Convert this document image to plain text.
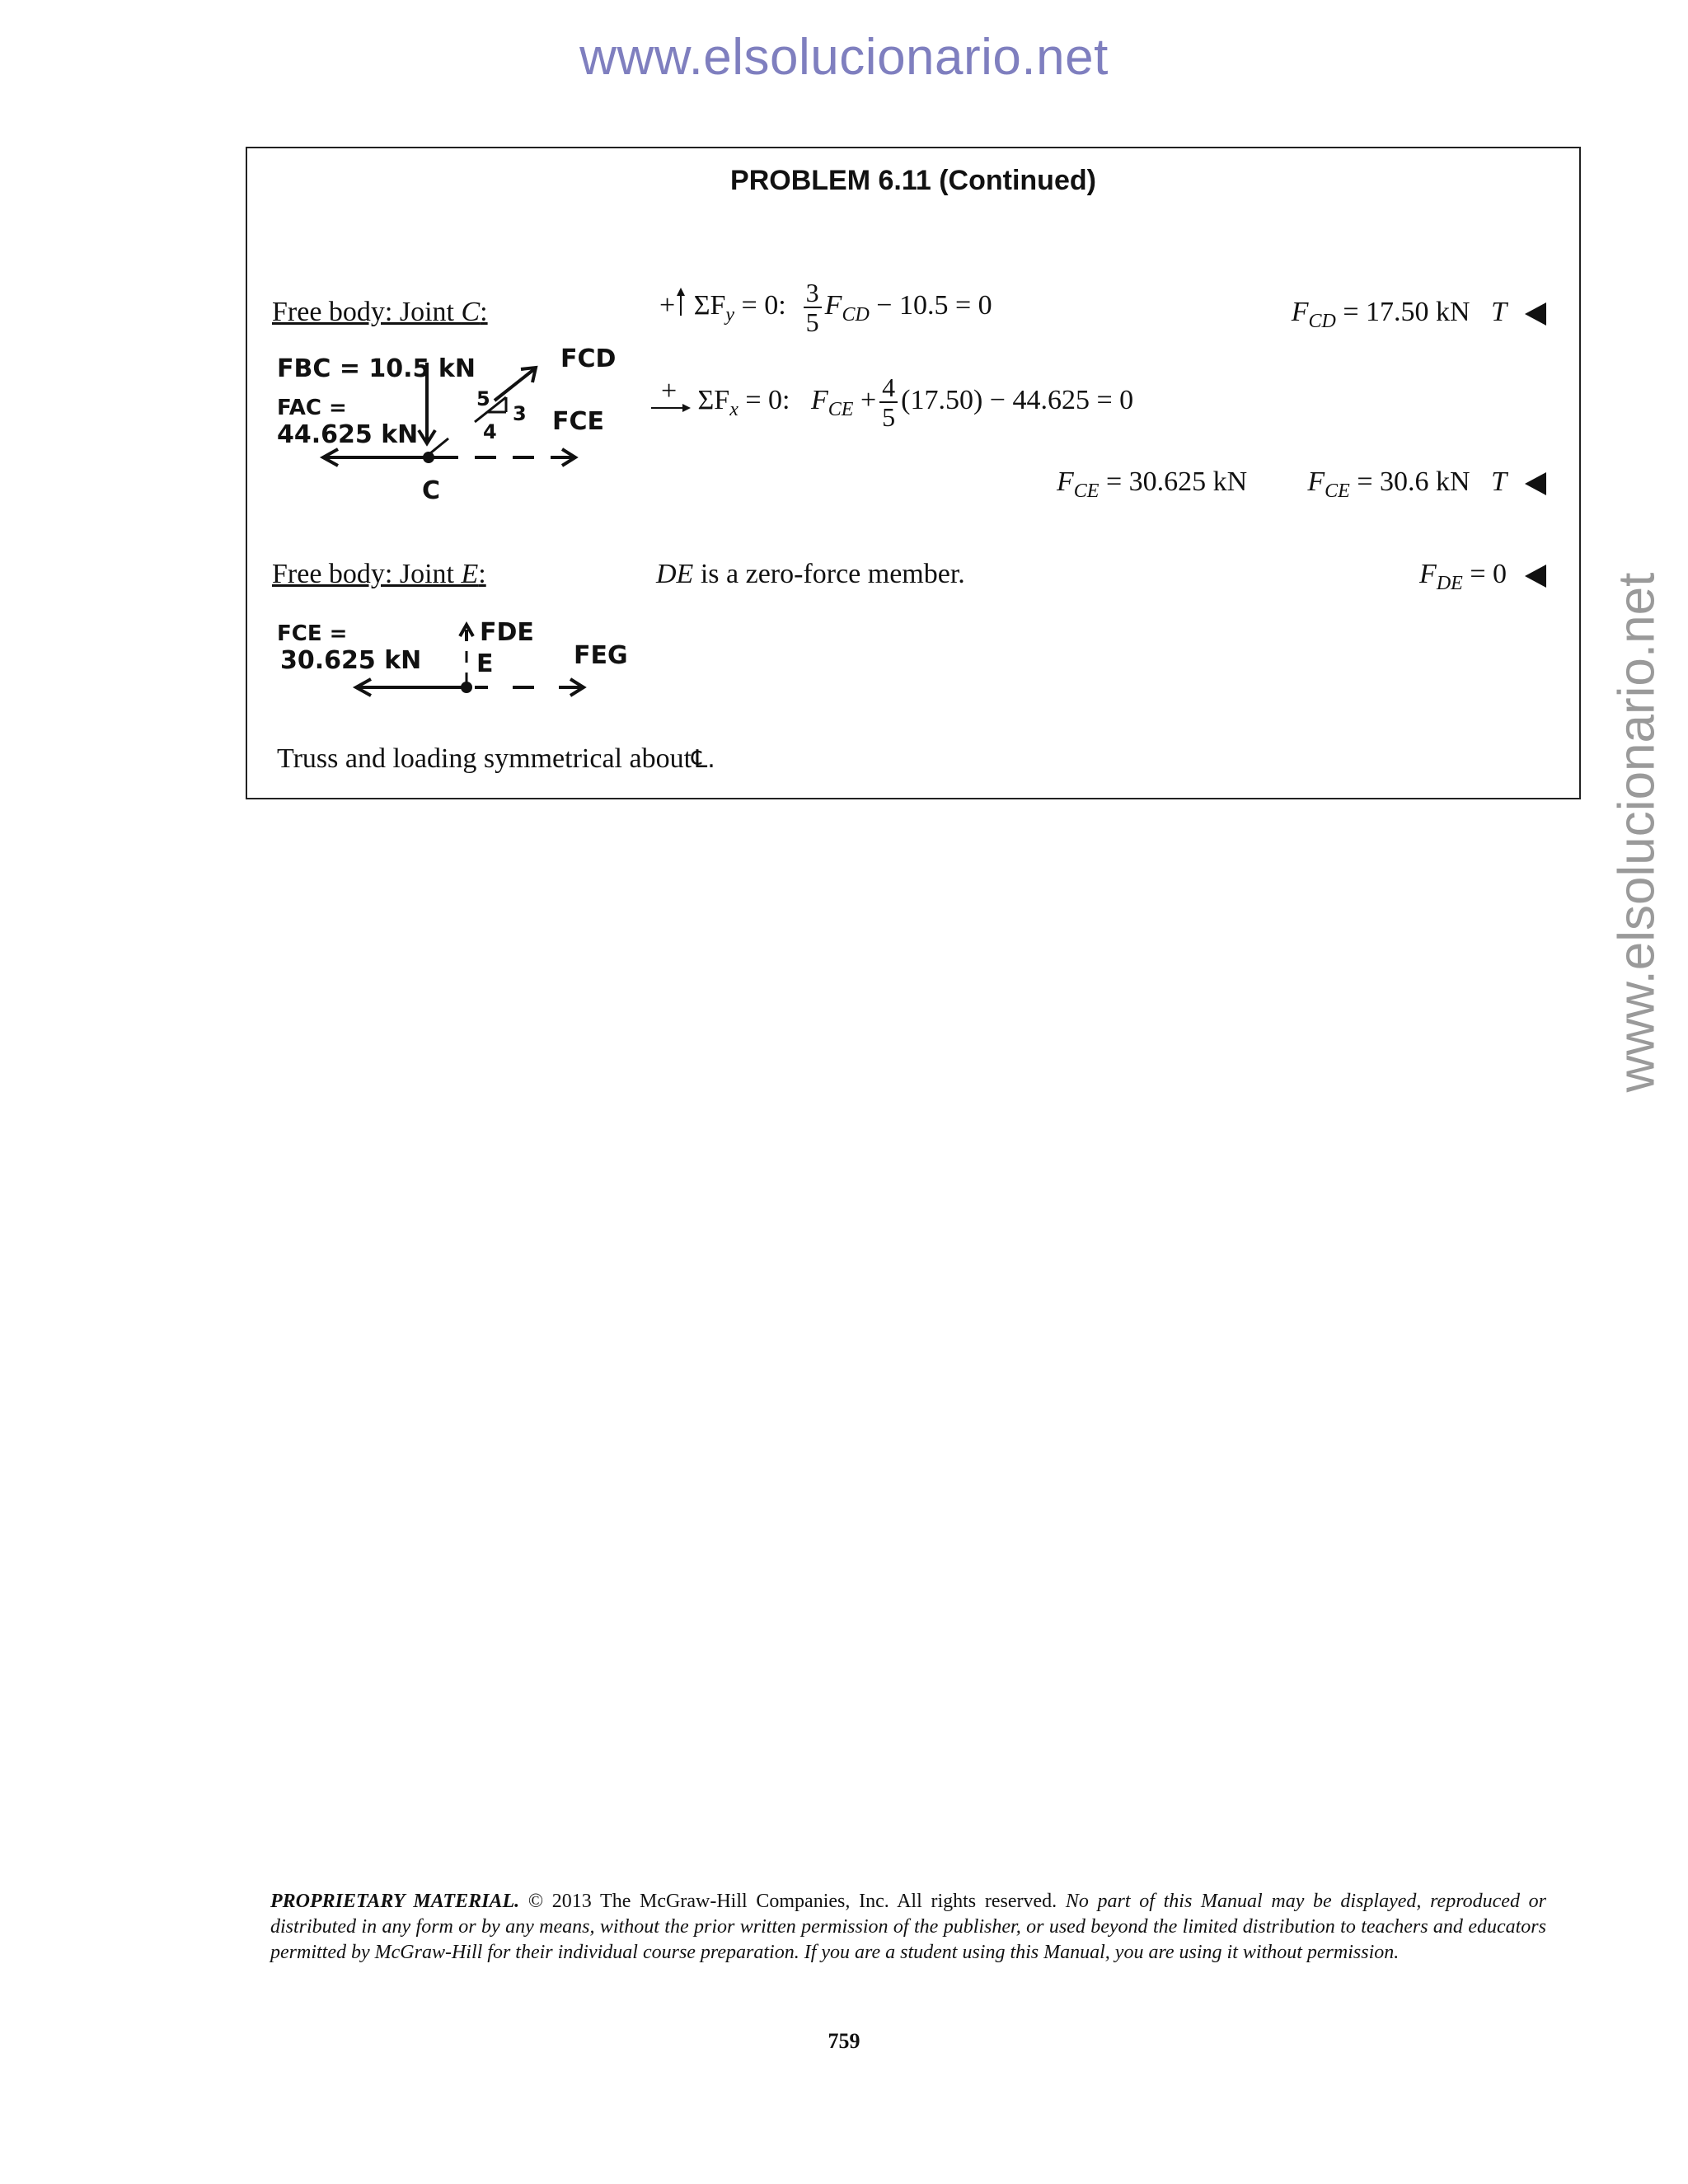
www.elsolucionario.net
www.elsolucionario.net
PROBLEM 6.11 (Continued)
Free body: Joint C:	+ $\Sigma F_y = 0$: $\frac{3}{5} F_{CD} - 10.5 = 0$	$F_{CD} = 17.50$ kN T
+ $\Sigma F_x = 0$: $F_{CE} + \frac{4}{5} (17.50) - 44.625 = 0$
$F_{CE} = 30.625$ kN $F_{CE} = 30.6$ kN T
FBC = 10.5 kN
FAC =
44.625 kN
FCD
FCE
5
3
4
C
Free body: Joint E:	DE is a zero-force member.	$F_{DE} = 0$
FCE =
30.625 kN
FDE
E	FEG
Truss and loading symmetrical about℄.
PROPRIETARY MATERIAL. © 2013 The McGraw-Hill Companies, Inc. All rights reserved. No part of this Manual may be displayed, reproduced or distributed in any form or by any means, without the prior written permission of the publisher, or used beyond the limited distribution to teachers and educators permitted by McGraw-Hill for their individual course preparation. If you are a student using this Manual, you are using it without permission.
759
